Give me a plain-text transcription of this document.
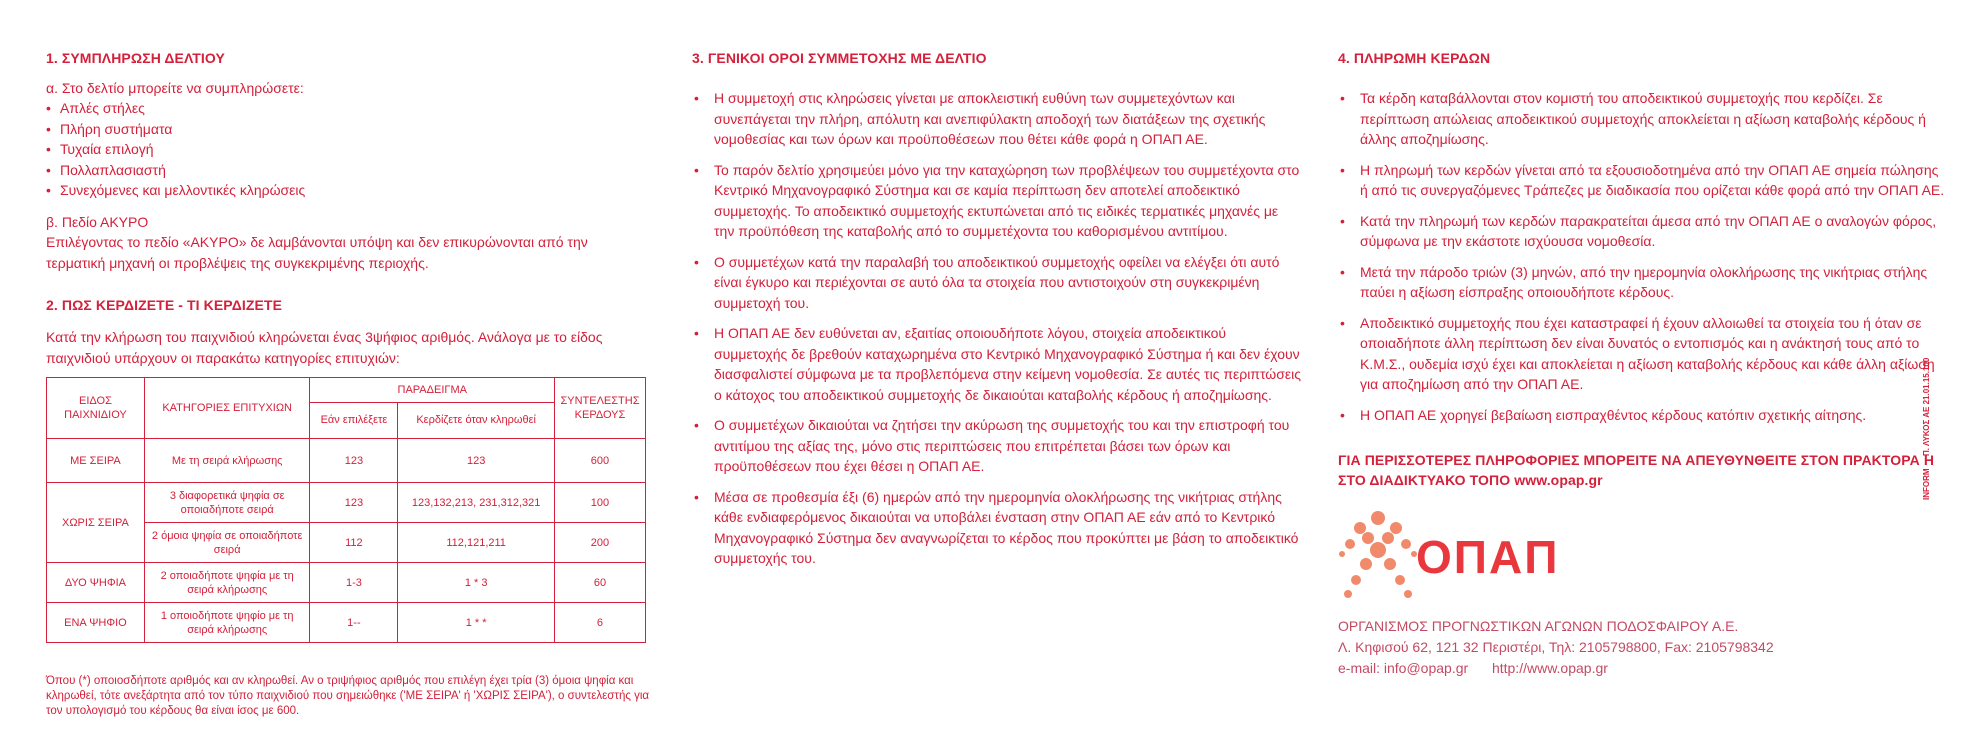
1. ΣΥΜΠΛΗΡΩΣΗ ΔΕΛΤΙΟΥ

α. Στο δελτίο μπορείτε να συμπληρώσετε:

• Απλές στήλες
• Πλήρη συστήματα
• Τυχαία επιλογή
• Πολλαπλασιαστή
• Συνεχόμενες και μελλοντικές κληρώσεις

β. Πεδίο ΑΚΥΡΟ

Επιλέγοντας το πεδίο «ΑΚΥΡΟ» δε λαμβάνονται υπόψη και δεν επικυρώνονται από την τερματική μηχανή οι προβλέψεις της συγκεκριμένης περιοχής.

2. ΠΩΣ ΚΕΡΔΙΖΕΤΕ - ΤΙ ΚΕΡΔΙΖΕΤΕ

Κατά την κλήρωση του παιχνιδιού κληρώνεται ένας 3ψήφιος αριθμός. Ανάλογα με το είδος παιχνιδιού υπάρχουν οι παρακάτω κατηγορίες επιτυχιών:

ΕΙΔΟΣ ΠΑΙΧΝΙΔΙΟΥ	ΚΑΤΗΓΟΡΙΕΣ ΕΠΙΤΥΧΙΩΝ	ΠΑΡΑΔΕΙΓΜΑ		ΣΥΝΤΕΛΕΣΤΗΣ ΚΕΡΔΟΥΣ
		Εάν επιλέξετε	Κερδίζετε όταν κληρωθεί	
ΜΕ ΣΕΙΡΑ	Με τη σειρά κλήρωσης	123	123	600
ΧΩΡΙΣ ΣΕΙΡΑ	3 διαφορετικά ψηφία σε οποιαδήποτε σειρά	123	123,132,213, 231,312,321	100
	2 όμοια ψηφία σε οποιαδήποτε σειρά	112	112,121,211	200
ΔΥΟ ΨΗΦΙΑ	2 οποιαδήποτε ψηφία με τη σειρά κλήρωσης	1-3	1 * 3	60
ΕΝΑ ΨΗΦΙΟ	1 οποιοδήποτε ψηφίο με τη σειρά κλήρωσης	1--	1 * *	6

Όπου (*) οποιοσδήποτε αριθμός και αν κληρωθεί. Αν ο τριψήφιος αριθμός που επιλέγη έχει τρία (3) όμοια ψηφία και κληρωθεί, τότε ανεξάρτητα από τον τύπο παιχνιδιού που σημειώθηκε ('ΜΕ ΣΕΙΡΑ' ή 'ΧΩΡΙΣ ΣΕΙΡΑ'), ο συντελεστής για τον υπολογισμό του κέρδους θα είναι ίσος με 600.

3. ΓΕΝΙΚΟΙ ΟΡΟΙ ΣΥΜΜΕΤΟΧΗΣ ΜΕ ΔΕΛΤΙΟ
• Η συμμετοχή στις κληρώσεις γίνεται με αποκλειστική ευθύνη των συμμετεχόντων και συνεπάγεται την πλήρη, απόλυτη και ανεπιφύλακτη αποδοχή των διατάξεων της σχετικής νομοθεσίας και των όρων και προϋποθέσεων που θέτει κάθε φορά η ΟΠΑΠ ΑΕ.
• Το παρόν δελτίο χρησιμεύει μόνο για την καταχώρηση των προβλέψεων του συμμετέχοντα στο Κεντρικό Μηχανογραφικό Σύστημα και σε καμία περίπτωση δεν αποτελεί αποδεικτικό συμμετοχής. Το αποδεικτικό συμμετοχής εκτυπώνεται από τις ειδικές τερματικές μηχανές με την προϋπόθεση της καταβολής από το συμμετέχοντα του καθορισμένου αντιτίμου.
• Ο συμμετέχων κατά την παραλαβή του αποδεικτικού συμμετοχής οφείλει να ελέγξει ότι αυτό είναι έγκυρο και περιέχονται σε αυτό όλα τα στοιχεία που αντιστοιχούν στη συγκεκριμένη συμμετοχή του.
• Η ΟΠΑΠ ΑΕ δεν ευθύνεται αν, εξαιτίας οποιουδήποτε λόγου, στοιχεία αποδεικτικού συμμετοχής δε βρεθούν καταχωρημένα στο Κεντρικό Μηχανογραφικό Σύστημα ή και δεν έχουν διασφαλιστεί σύμφωνα με τα προβλεπόμενα στην κείμενη νομοθεσία. Σε αυτές τις περιπτώσεις ο κάτοχος του αποδεικτικού συμμετοχής δε δικαιούται καταβολής κέρδους ή αποζημίωσης.
• Ο συμμετέχων δικαιούται να ζητήσει την ακύρωση της συμμετοχής του και την επιστροφή του αντιτίμου της αξίας της, μόνο στις περιπτώσεις που επιτρέπεται βάσει των όρων και προϋποθέσεων που έχει θέσει η ΟΠΑΠ ΑΕ.
• Μέσα σε προθεσμία έξι (6) ημερών από την ημερομηνία ολοκλήρωσης της νικήτριας στήλης κάθε ενδιαφερόμενος δικαιούται να υποβάλει ένσταση στην ΟΠΑΠ ΑΕ εάν από το Κεντρικό Μηχανογραφικό Σύστημα δεν αναγνωρίζεται το κέρδος που προκύπτει με βάση το αποδεικτικό συμμετοχής του.
4. ΠΛΗΡΩΜΗ ΚΕΡΔΩΝ
• Τα κέρδη καταβάλλονται στον κομιστή του αποδεικτικού συμμετοχής που κερδίζει. Σε περίπτωση απώλειας αποδεικτικού συμμετοχής αποκλείεται η αξίωση καταβολής κέρδους ή άλλης αποζημίωσης.
• Η πληρωμή των κερδών γίνεται από τα εξουσιοδοτημένα από την ΟΠΑΠ ΑΕ σημεία πώλησης ή από τις συνεργαζόμενες Τράπεζες με διαδικασία που ορίζεται κάθε φορά από την ΟΠΑΠ ΑΕ.
• Κατά την πληρωμή των κερδών παρακρατείται άμεσα από την ΟΠΑΠ ΑΕ ο αναλογών φόρος, σύμφωνα με την εκάστοτε ισχύουσα νομοθεσία.
• Μετά την πάροδο τριών (3) μηνών, από την ημερομηνία ολοκλήρωσης της νικήτριας στήλης παύει η αξίωση είσπραξης οποιουδήποτε κέρδους.
• Αποδεικτικό συμμετοχής που έχει καταστραφεί ή έχουν αλλοιωθεί τα στοιχεία του ή όταν σε οποιαδήποτε άλλη περίπτωση δεν είναι δυνατός ο εντοπισμός και η ανάκτησή τους από το Κ.Μ.Σ., ουδεμία ισχύ έχει και αποκλείεται η αξίωση καταβολής κέρδους και κάθε άλλη αξίωση για αποζημίωση από την ΟΠΑΠ ΑΕ.
• Η ΟΠΑΠ ΑΕ χορηγεί βεβαίωση εισπραχθέντος κέρδους κατόπιν σχετικής αίτησης.
ΓΙΑ ΠΕΡΙΣΣΟΤΕΡΕΣ ΠΛΗΡΟΦΟΡΙΕΣ ΜΠΟΡΕΙΤΕ ΝΑ ΑΠΕΥΘΥΝΘΕΙΤΕ ΣΤΟΝ ΠΡΑΚΤΟΡΑ Η ΣΤΟ ΔΙΑΔΙΚΤΥΑΚΟ ΤΟΠΟ www.opap.gr
ΟΠΑΠ

ΟΡΓΑΝΙΣΜΟΣ ΠΡΟΓΝΩΣΤΙΚΩΝ ΑΓΩΝΩΝ ΠΟΔΟΣΦΑΙΡΟΥ Α.Ε.

Λ. Κηφισού 62, 121 32 Περιστέρι, Τηλ: 2105798800, Fax: 2105798342

e-mail: info@opap.gr http://www.opap.gr

INFORM  Π. ΛΥΚΟΣ ΑΕ 21.01.15.100
